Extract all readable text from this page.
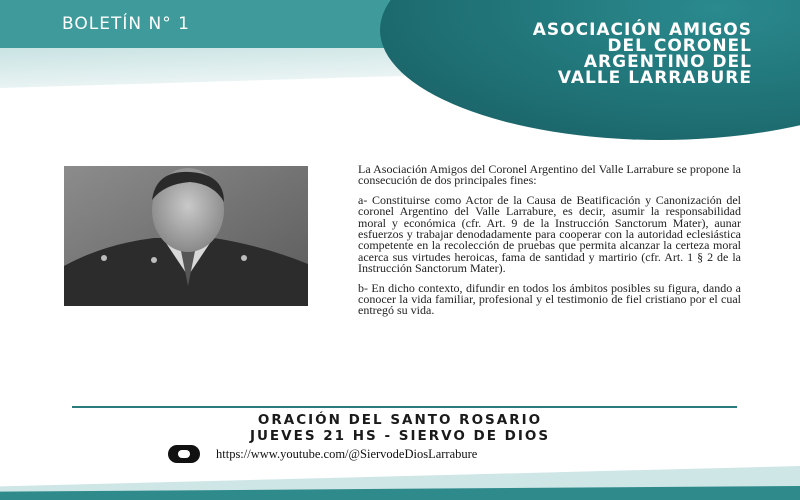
BOLETÍN N° 1	ASOCIACIÓN AMIGOS
DEL CORONEL
ARGENTINO DEL
VALLE LARRABURE

La Asociación Amigos del Coronel Argentino del Valle Larrabure se propone la consecución de dos principales fines:

a- Constituirse como Actor de la Causa de Beatificación y Canonización del coronel Argentino del Valle Larrabure, es decir, asumir la responsabilidad moral y económica (cfr. Art. 9 de la Instrucción Sanctorum Mater), aunar esfuerzos y trabajar denodadamente para cooperar con la autoridad eclesiástica competente en la recolección de pruebas que permita alcanzar la certeza moral acerca sus virtudes heroicas, fama de santidad y martirio (cfr. Art. 1 § 2 de la Instrucción Sanctorum Mater).

b- En dicho contexto, difundir en todos los ámbitos posibles su figura, dando a conocer la vida familiar, profesional y el testimonio de fiel cristiano por el cual entregó su vida.

ORACIÓN DEL SANTO ROSARIO
JUEVES 21 HS - SIERVO DE DIOS
https://www.youtube.com/@SiervodeDiosLarrabure
